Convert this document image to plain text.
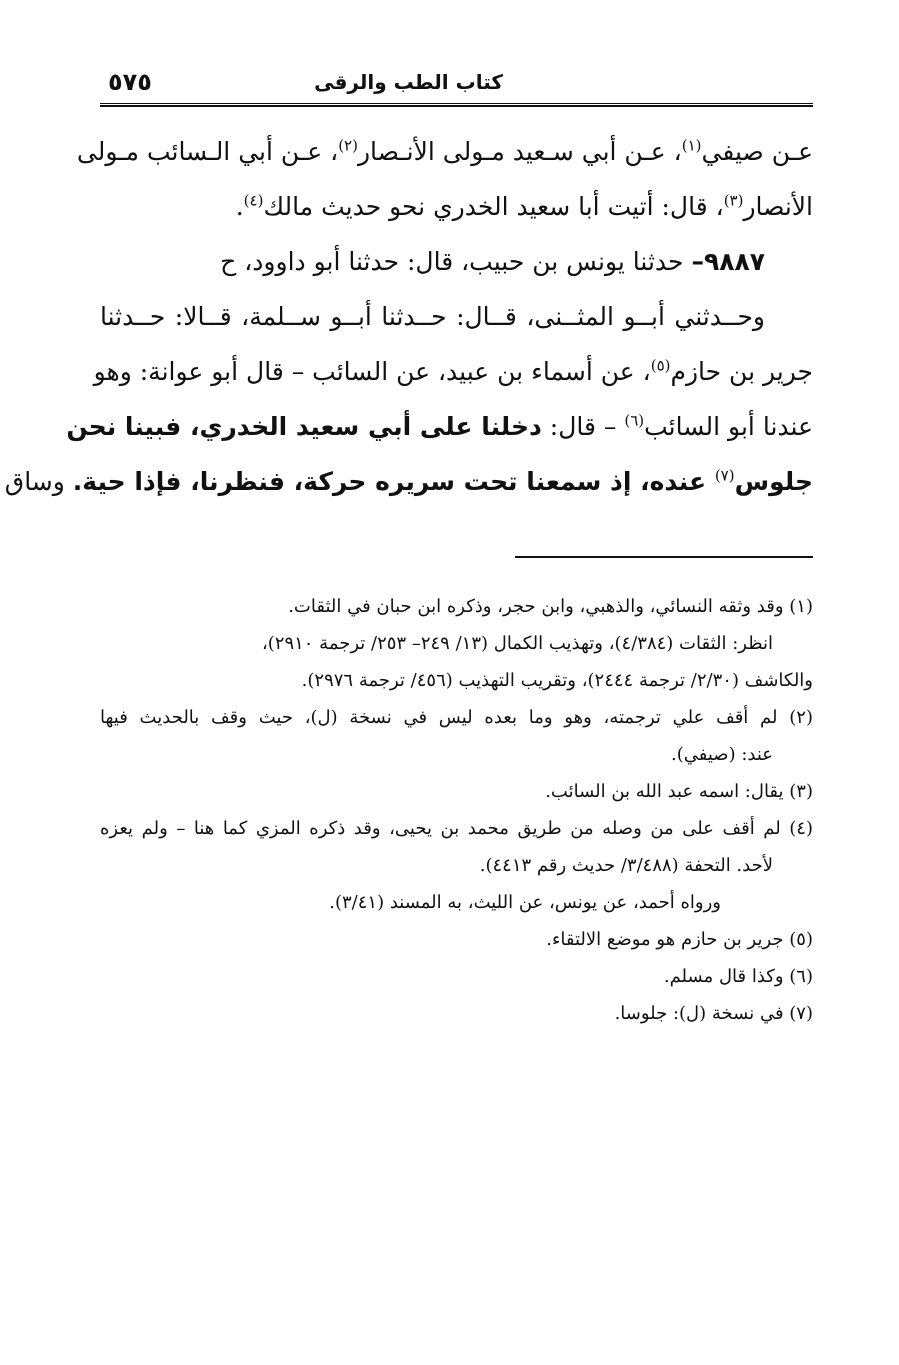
كتاب الطب والرقى
٥٧٥
عـن صيفي$^{(١)}$، عـن أبي سـعيد مـولى الأنـصار$^{(٢)}$، عـن أبي الـسائب مـولى
الأنصار$^{(٣)}$، قال: أتيت أبا سعيد الخدري نحو حديث مالك$^{(٤)}$.
٩٨٨٧– حدثنا يونس بن حبيب، قال: حدثنا أبو داوود، ح
وحــدثني أبــو المثــنى، قــال: حــدثنا أبــو ســلمة، قــالا: حــدثنا
جرير بن حازم$^{(٥)}$، عن أسماء بن عبيد، عن السائب – قال أبو عوانة: وهو
عندنا أبو السائب$^{(٦)}$ – قال: دخلنا على أبي سعيد الخدري، فبينا نحن
جلوس$^{(٧)}$ عنده، إذ سمعنا تحت سريره حركة، فنظرنا، فإذا حية. وساق
(١) وقد وثقه النسائي، والذهبي، وابن حجر، وذكره ابن حبان في الثقات.
انظر: الثقات (٤/٣٨٤)، وتهذيب الكمال (١٣/ ٢٤٩– ٢٥٣/ ترجمة ٢٩١٠)،
والكاشف (٢/٣٠/ ترجمة ٢٤٤٤)، وتقريب التهذيب (٤٥٦/ ترجمة ٢٩٧٦).
(٢) لم أقف علي ترجمته، وهو وما بعده ليس في نسخة (ل)، حيث وقف بالحديث فيها
عند: (صيفي).
(٣) يقال: اسمه عبد الله بن السائب.
(٤) لم أقف على من وصله من طريق محمد بن يحيى، وقد ذكره المزي كما هنا – ولم يعزه
لأحد. التحفة (٣/٤٨٨/ حديث رقم ٤٤١٣).
ورواه أحمد، عن يونس، عن الليث، به المسند (٣/٤١).
(٥) جرير بن حازم هو موضع الالتقاء.
(٦) وكذا قال مسلم.
(٧) في نسخة (ل): جلوسا.
